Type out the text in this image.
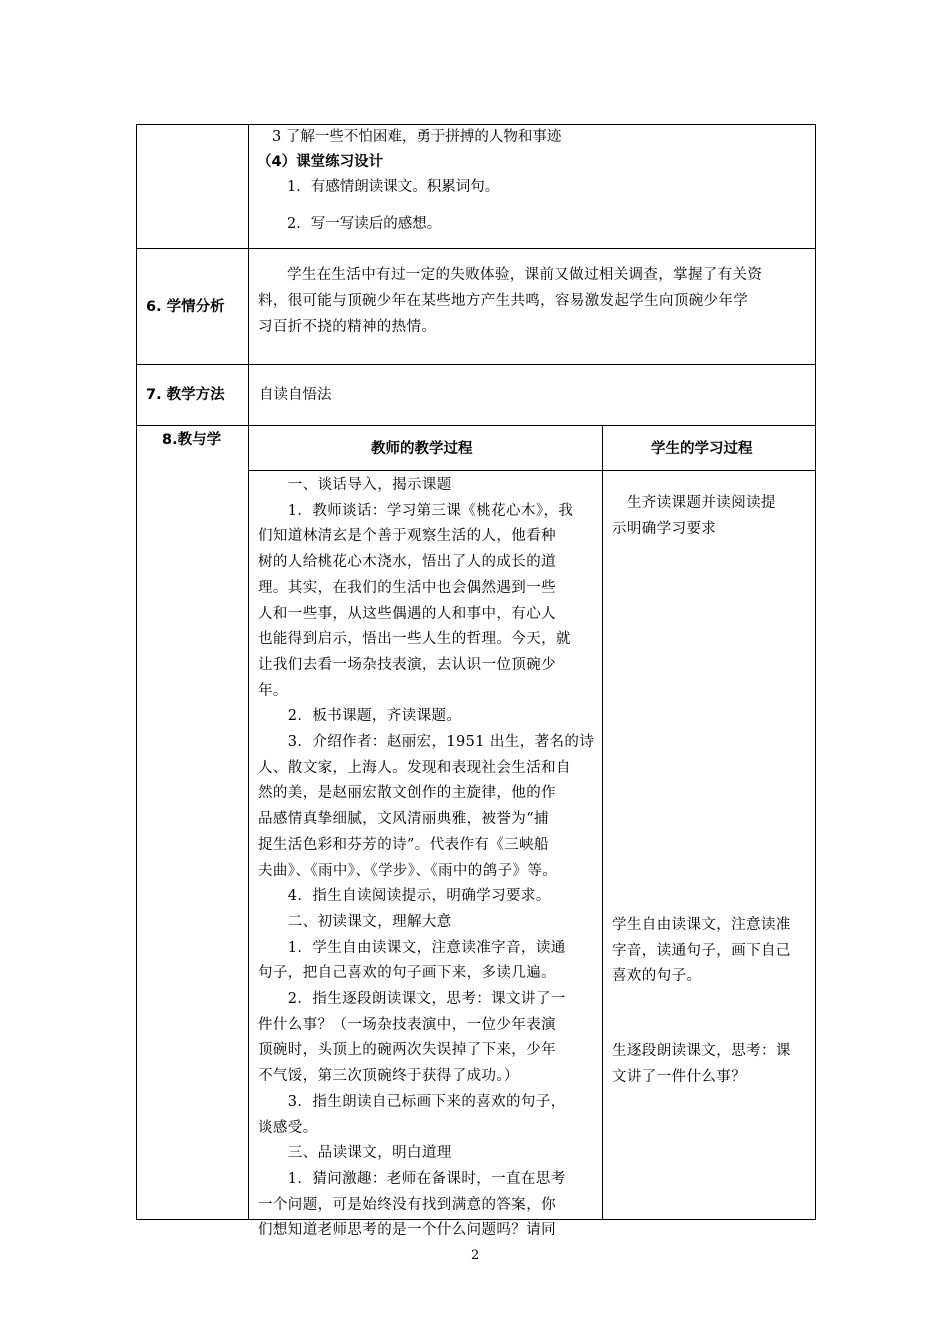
3 了解一些不怕困难，勇于拼搏的人物和事迹
（4）课堂练习设计
1．有感情朗读课文。积累词句。
2．写一写读后的感想。
6. 学情分析
学生在生活中有过一定的失败体验，课前又做过相关调查，掌握了有关资
料，很可能与顶碗少年在某些地方产生共鸣，容易激发起学生向顶碗少年学
习百折不挠的精神的热情。
7. 教学方法 自读自悟法
8.教与学
教师的教学过程	学生的学习过程
　　一、谈话导入，揭示课题
　　1．教师谈话：学习第三课《桃花心木》，我
们知道林清玄是个善于观察生活的人，他看种
树的人给桃花心木浇水，悟出了人的成长的道
理。其实，在我们的生活中也会偶然遇到一些
人和一些事，从这些偶遇的人和事中，有心人
也能得到启示，悟出一些人生的哲理。今天，就
让我们去看一场杂技表演，去认识一位顶碗少
年。
　　2．板书课题，齐读课题。
　　3．介绍作者：赵丽宏，1951 出生，著名的诗
人、散文家，上海人。发现和表现社会生活和自
然的美，是赵丽宏散文创作的主旋律，他的作
品感情真挚细腻，文风清丽典雅，被誉为“捕
捉生活色彩和芬芳的诗”。代表作有《三峡船
夫曲》、《雨中》、《学步》、《雨中的鸽子》等。
　　4．指生自读阅读提示，明确学习要求。
　　二、初读课文，理解大意
　　1．学生自由读课文，注意读准字音，读通
句子，把自己喜欢的句子画下来，多读几遍。
　　2．指生逐段朗读课文，思考：课文讲了一
件什么事？（一场杂技表演中，一位少年表演
顶碗时，头顶上的碗两次失误掉了下来，少年
不气馁，第三次顶碗终于获得了成功。）
　　3．指生朗读自己标画下来的喜欢的句子，
谈感受。
　　三、品读课文，明白道理
　　1．猜问激趣：老师在备课时，一直在思考
一个问题，可是始终没有找到满意的答案，你
们想知道老师思考的是一个什么问题吗？请同
　生齐读课题并读阅读提
示明确学习要求
学生自由读课文，注意读准
字音，读通句子，画下自己
喜欢的句子。
生逐段朗读课文，思考：课
文讲了一件什么事？
2
